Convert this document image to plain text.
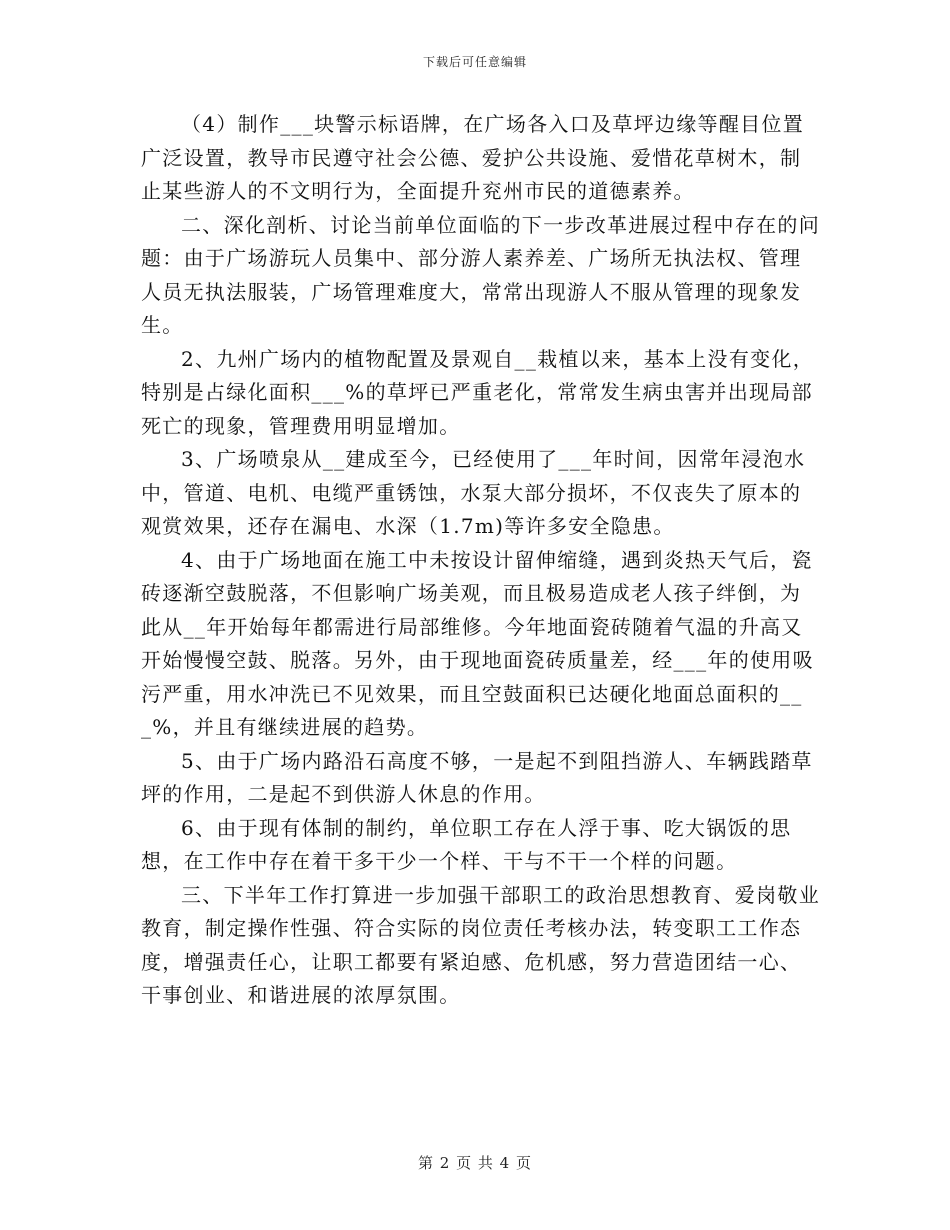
下载后可任意编辑

（4）制作___块警示标语牌，在广场各入口及草坪边缘等醒目位置广泛设置，教导市民遵守社会公德、爱护公共设施、爱惜花草树木，制止某些游人的不文明行为，全面提升兖州市民的道德素养。

二、深化剖析、讨论当前单位面临的下一步改革进展过程中存在的问题：由于广场游玩人员集中、部分游人素养差、广场所无执法权、管理人员无执法服装，广场管理难度大，常常出现游人不服从管理的现象发生。

2、九州广场内的植物配置及景观自__栽植以来，基本上没有变化，特别是占绿化面积___%的草坪已严重老化，常常发生病虫害并出现局部死亡的现象，管理费用明显增加。

3、广场喷泉从__建成至今，已经使用了___年时间，因常年浸泡水中，管道、电机、电缆严重锈蚀，水泵大部分损坏，不仅丧失了原本的观赏效果，还存在漏电、水深（1.7m)等许多安全隐患。

4、由于广场地面在施工中未按设计留伸缩缝，遇到炎热天气后，瓷砖逐渐空鼓脱落，不但影响广场美观，而且极易造成老人孩子绊倒，为此从__年开始每年都需进行局部维修。今年地面瓷砖随着气温的升高又开始慢慢空鼓、脱落。另外，由于现地面瓷砖质量差，经___年的使用吸污严重，用水冲洗已不见效果，而且空鼓面积已达硬化地面总面积的___%，并且有继续进展的趋势。

5、由于广场内路沿石高度不够，一是起不到阻挡游人、车辆践踏草坪的作用，二是起不到供游人休息的作用。

6、由于现有体制的制约，单位职工存在人浮于事、吃大锅饭的思想，在工作中存在着干多干少一个样、干与不干一个样的问题。

三、下半年工作打算进一步加强干部职工的政治思想教育、爱岗敬业教育，制定操作性强、符合实际的岗位责任考核办法，转变职工工作态度，增强责任心，让职工都要有紧迫感、危机感，努力营造团结一心、干事创业、和谐进展的浓厚氛围。

第 2 页 共 4 页
